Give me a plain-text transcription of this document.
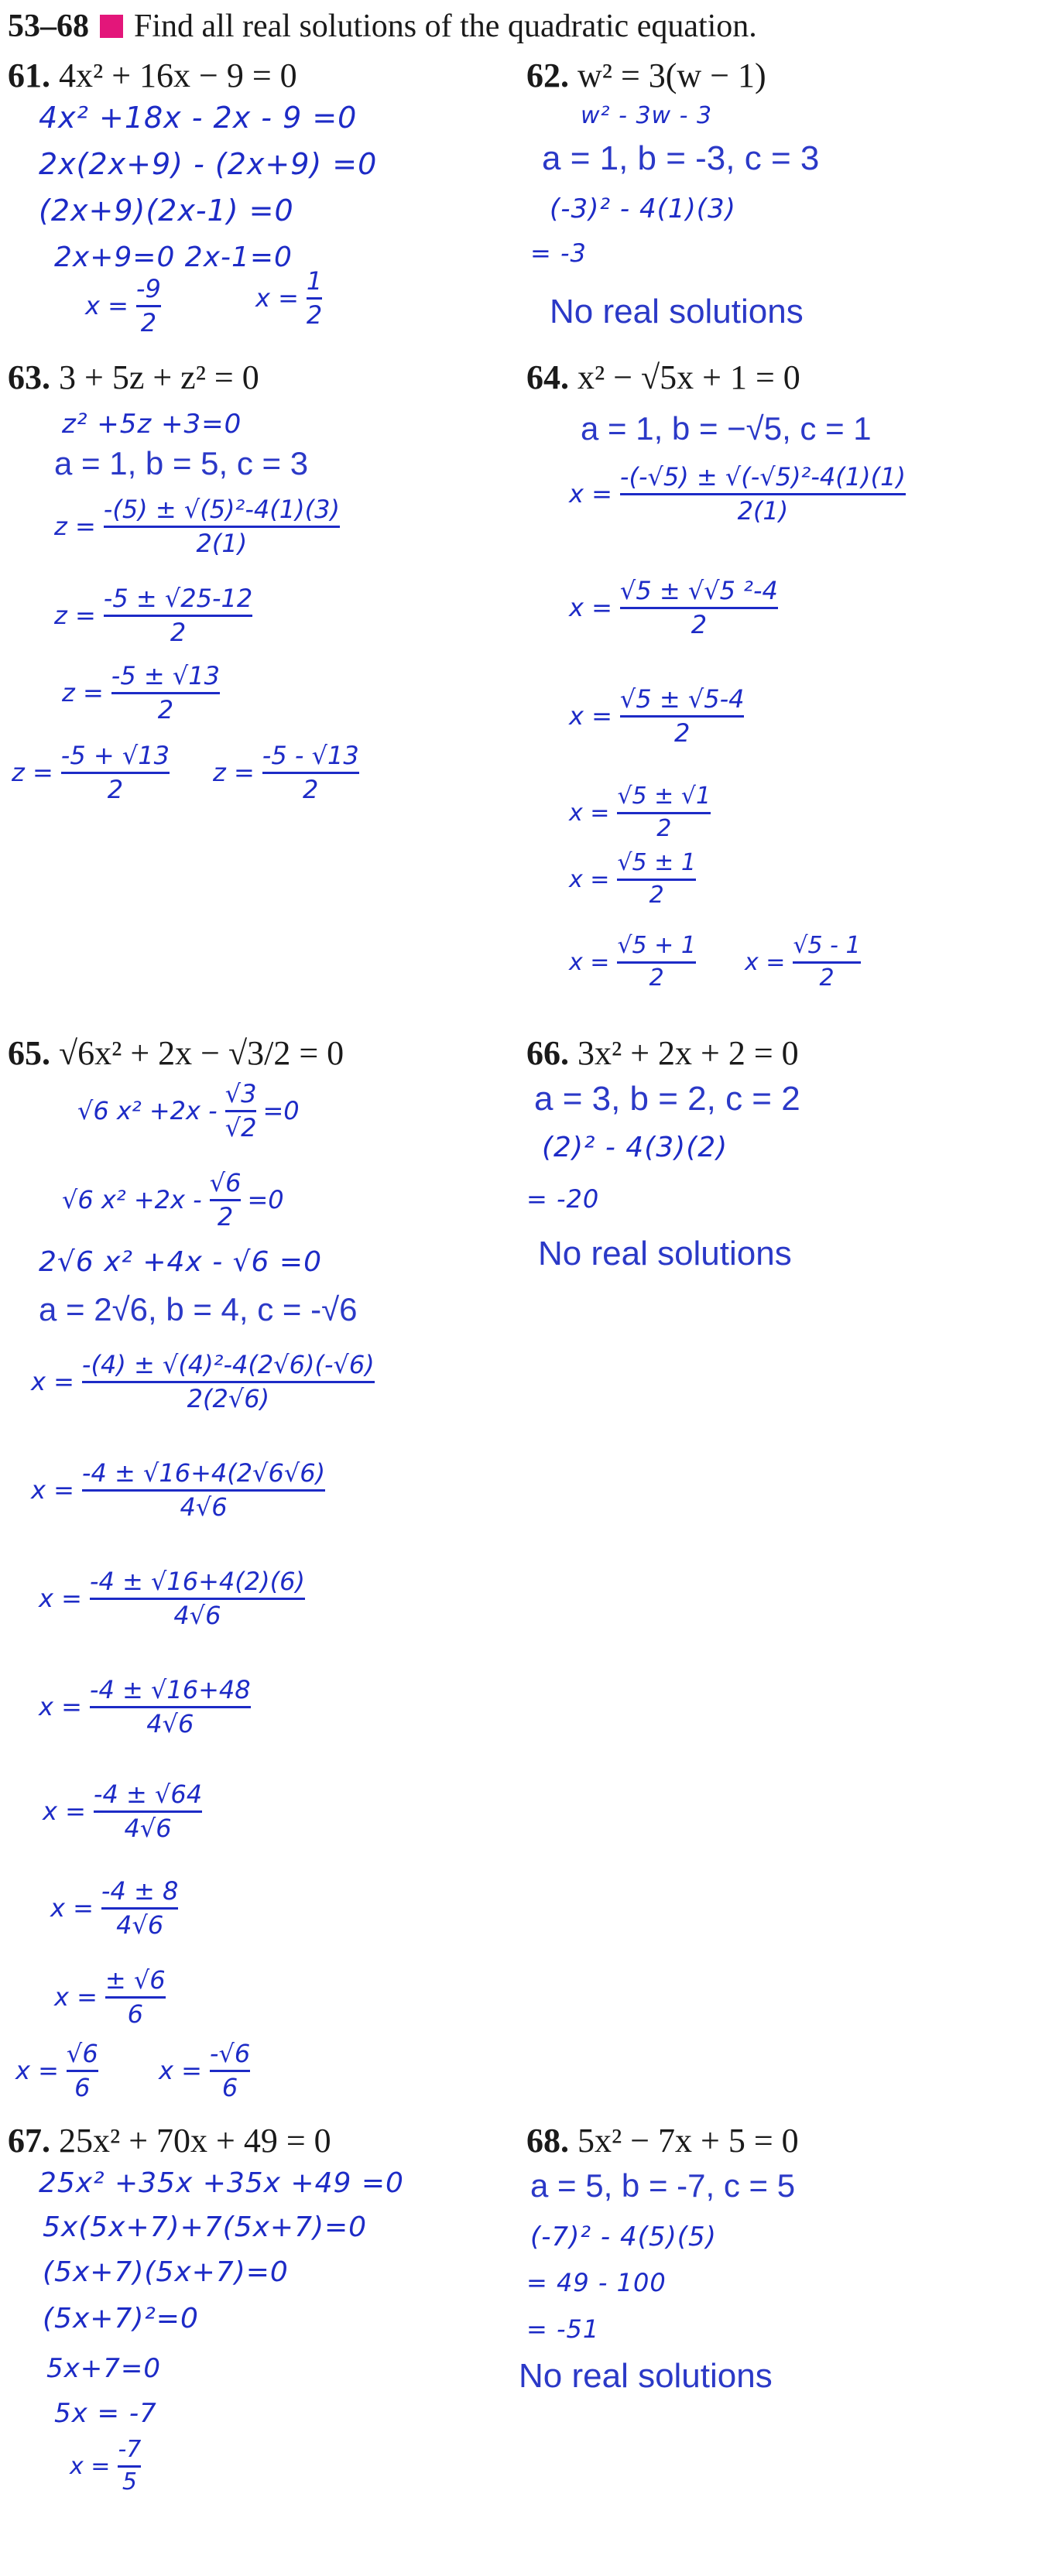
53–68 Find all real solutions of the quadratic equation.
61. 4x² + 16x − 9 = 0
4x² +18x - 2x - 9 =0
2x(2x+9) - (2x+9) =0
(2x+9)(2x-1) =0
2x+9=0 2x-1=0
$x = \frac{-9}{2}$	$x = \frac{1}{2}$
62. w² = 3(w − 1)
w² - 3w - 3
a = 1, b = -3, c = 3
(-3)² - 4(1)(3)
= -3
No real solutions
63. 3 + 5z + z² = 0
z² +5z +3=0
a = 1, b = 5, c = 3
$z = \frac{\text{-(5) ± √(5)²-4(1)(3)}}{2(1)}$
$z = \frac{-5 \pm √25-12}{2}$
$z = \frac{-5 \pm √13}{2}$
$z = \frac{-5 + √13}{2}$ $z = \frac{-5 - √13}{2}$
64. x² − √5x + 1 = 0
a = 1, b = −√5, c = 1
$x = \frac{\text{-(-√5) ± √(-√5)²-4(1)(1)}}{2(1)}$
$x = \frac{\text{√5 ± √√5 ²-4}}{2}$
$x = \frac{√5 \pm √5-4}{2}$
$x = \frac{√5 \pm √1}{2}$
$x = \frac{√5 \pm 1}{2}$
$x = \frac{√5 + 1}{2}$ $x = \frac{√5 - 1}{2}$
65. √6x² + 2x − √3/2 = 0
√6 $x^2 +2x - \frac{√3}{√2} =0$
√6 $x^2 +2x - \frac{√6}{2} =0$
2√6 x² +4x - √6 =0
a = 2√6, b = 4, c = -√6
$x = \frac{\text{-(4) ± √(4)²-4(2√6)(-√6)}}{2(2√6)}$
$x = \frac{-4 \pm √16+4(2√6√6)}{4√6}$
$x = \frac{-4 \pm √16+4(2)(6)}{4√6}$
$x = \frac{-4 \pm √16+48}{4√6}$
$x = \frac{-4 \pm √64}{4√6}$
$x = \frac{-4 \pm 8}{4√6}$
$x = \frac{\pm √6}{6}$
$x = \frac{√6}{6}$ $x = \frac{-√6}{6}$
66. 3x² + 2x + 2 = 0
a = 3, b = 2, c = 2
(2)² - 4(3)(2)
= -20
No real solutions
67. 25x² + 70x + 49 = 0
25x² +35x +35x +49 =0
5x(5x+7)+7(5x+7)=0
(5x+7)(5x+7)=0
(5x+7)²=0
5x+7=0
5x = -7
$x = \frac{-7}{5}$
68. 5x² − 7x + 5 = 0
a = 5, b = -7, c = 5
(-7)² - 4(5)(5)
= 49 - 100
= -51
No real solutions
